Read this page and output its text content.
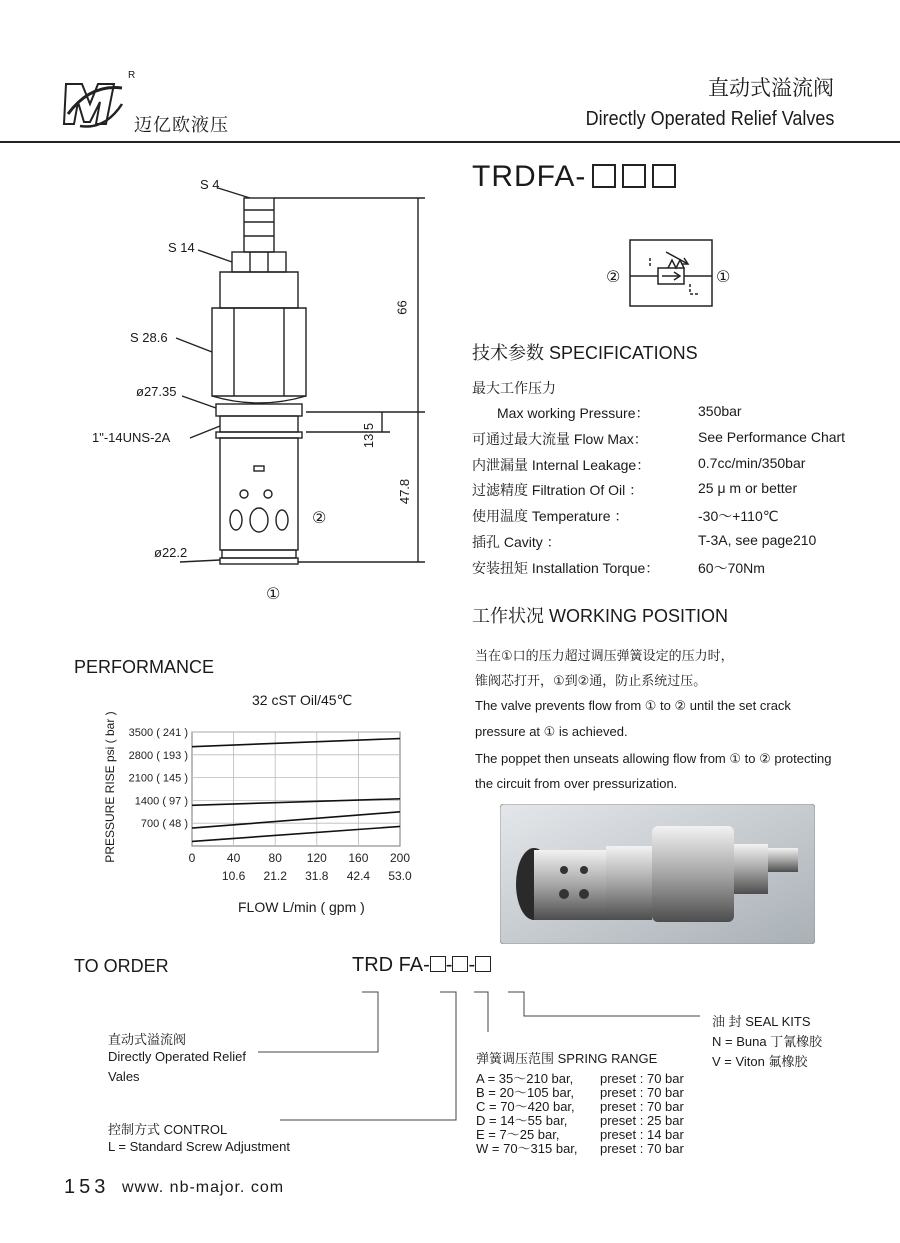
R
迈亿欧液压
直动式溢流阀
Directly Operated Relief Valves
S 4
S 14
S 28.6
ø27.35
1"-14UNS-2A
ø22.2
66
13.5
47.8
②
①
TRDFA-
②	①
技术参数 SPECIFICATIONS
最大工作压力
Max working Pressure：	350bar
可通过最大流量 Flow Max：	See Performance Chart
内泄漏量 Internal Leakage：	0.7cc/min/350bar
过滤精度 Filtration Of Oil ：	25 μ m or better
使用温度 Temperature ：	-30～+110℃
插孔 Cavity ：	T-3A, see page210
安装扭矩 Installation Torque：	60～70Nm
工作状况 WORKING POSITION
当在①口的压力超过调压弹簧设定的压力时，
锥阀芯打开，①到②通，防止系统过压。
The valve prevents flow from ① to ② until the set crack
pressure at ① is achieved.
The poppet then unseats allowing flow from ① to ② protecting
the circuit from over pressurization.
PERFORMANCE
32 cST Oil/45℃
PRESSURE RISE psi ( bar )
FLOW L/min ( gpm )
700 ( 48 )
1400 ( 97 )
2100 ( 145 )
2800 ( 193 )
3500 ( 241 )
0	40 80 120 160 200
10.6 21.2 31.8 42.4 53.0
TO ORDER	TRD FA- - -
直动式溢流阀
Directly Operated Relief
Vales
控制方式 CONTROL
L = Standard Screw Adjustment
油 封 SEAL KITS
N = Buna 丁氰橡胶
V = Viton 氟橡胶
弹簧调压范围 SPRING RANGE
A = 35～210 bar, preset : 70 bar
B = 20～105 bar, preset : 70 bar
C = 70～420 bar, preset : 70 bar
D = 14～55 bar,	preset : 25 bar
E = 7～25 bar,	preset : 14 bar
W = 70～315 bar, preset : 70 bar
153 www. nb-major. com
